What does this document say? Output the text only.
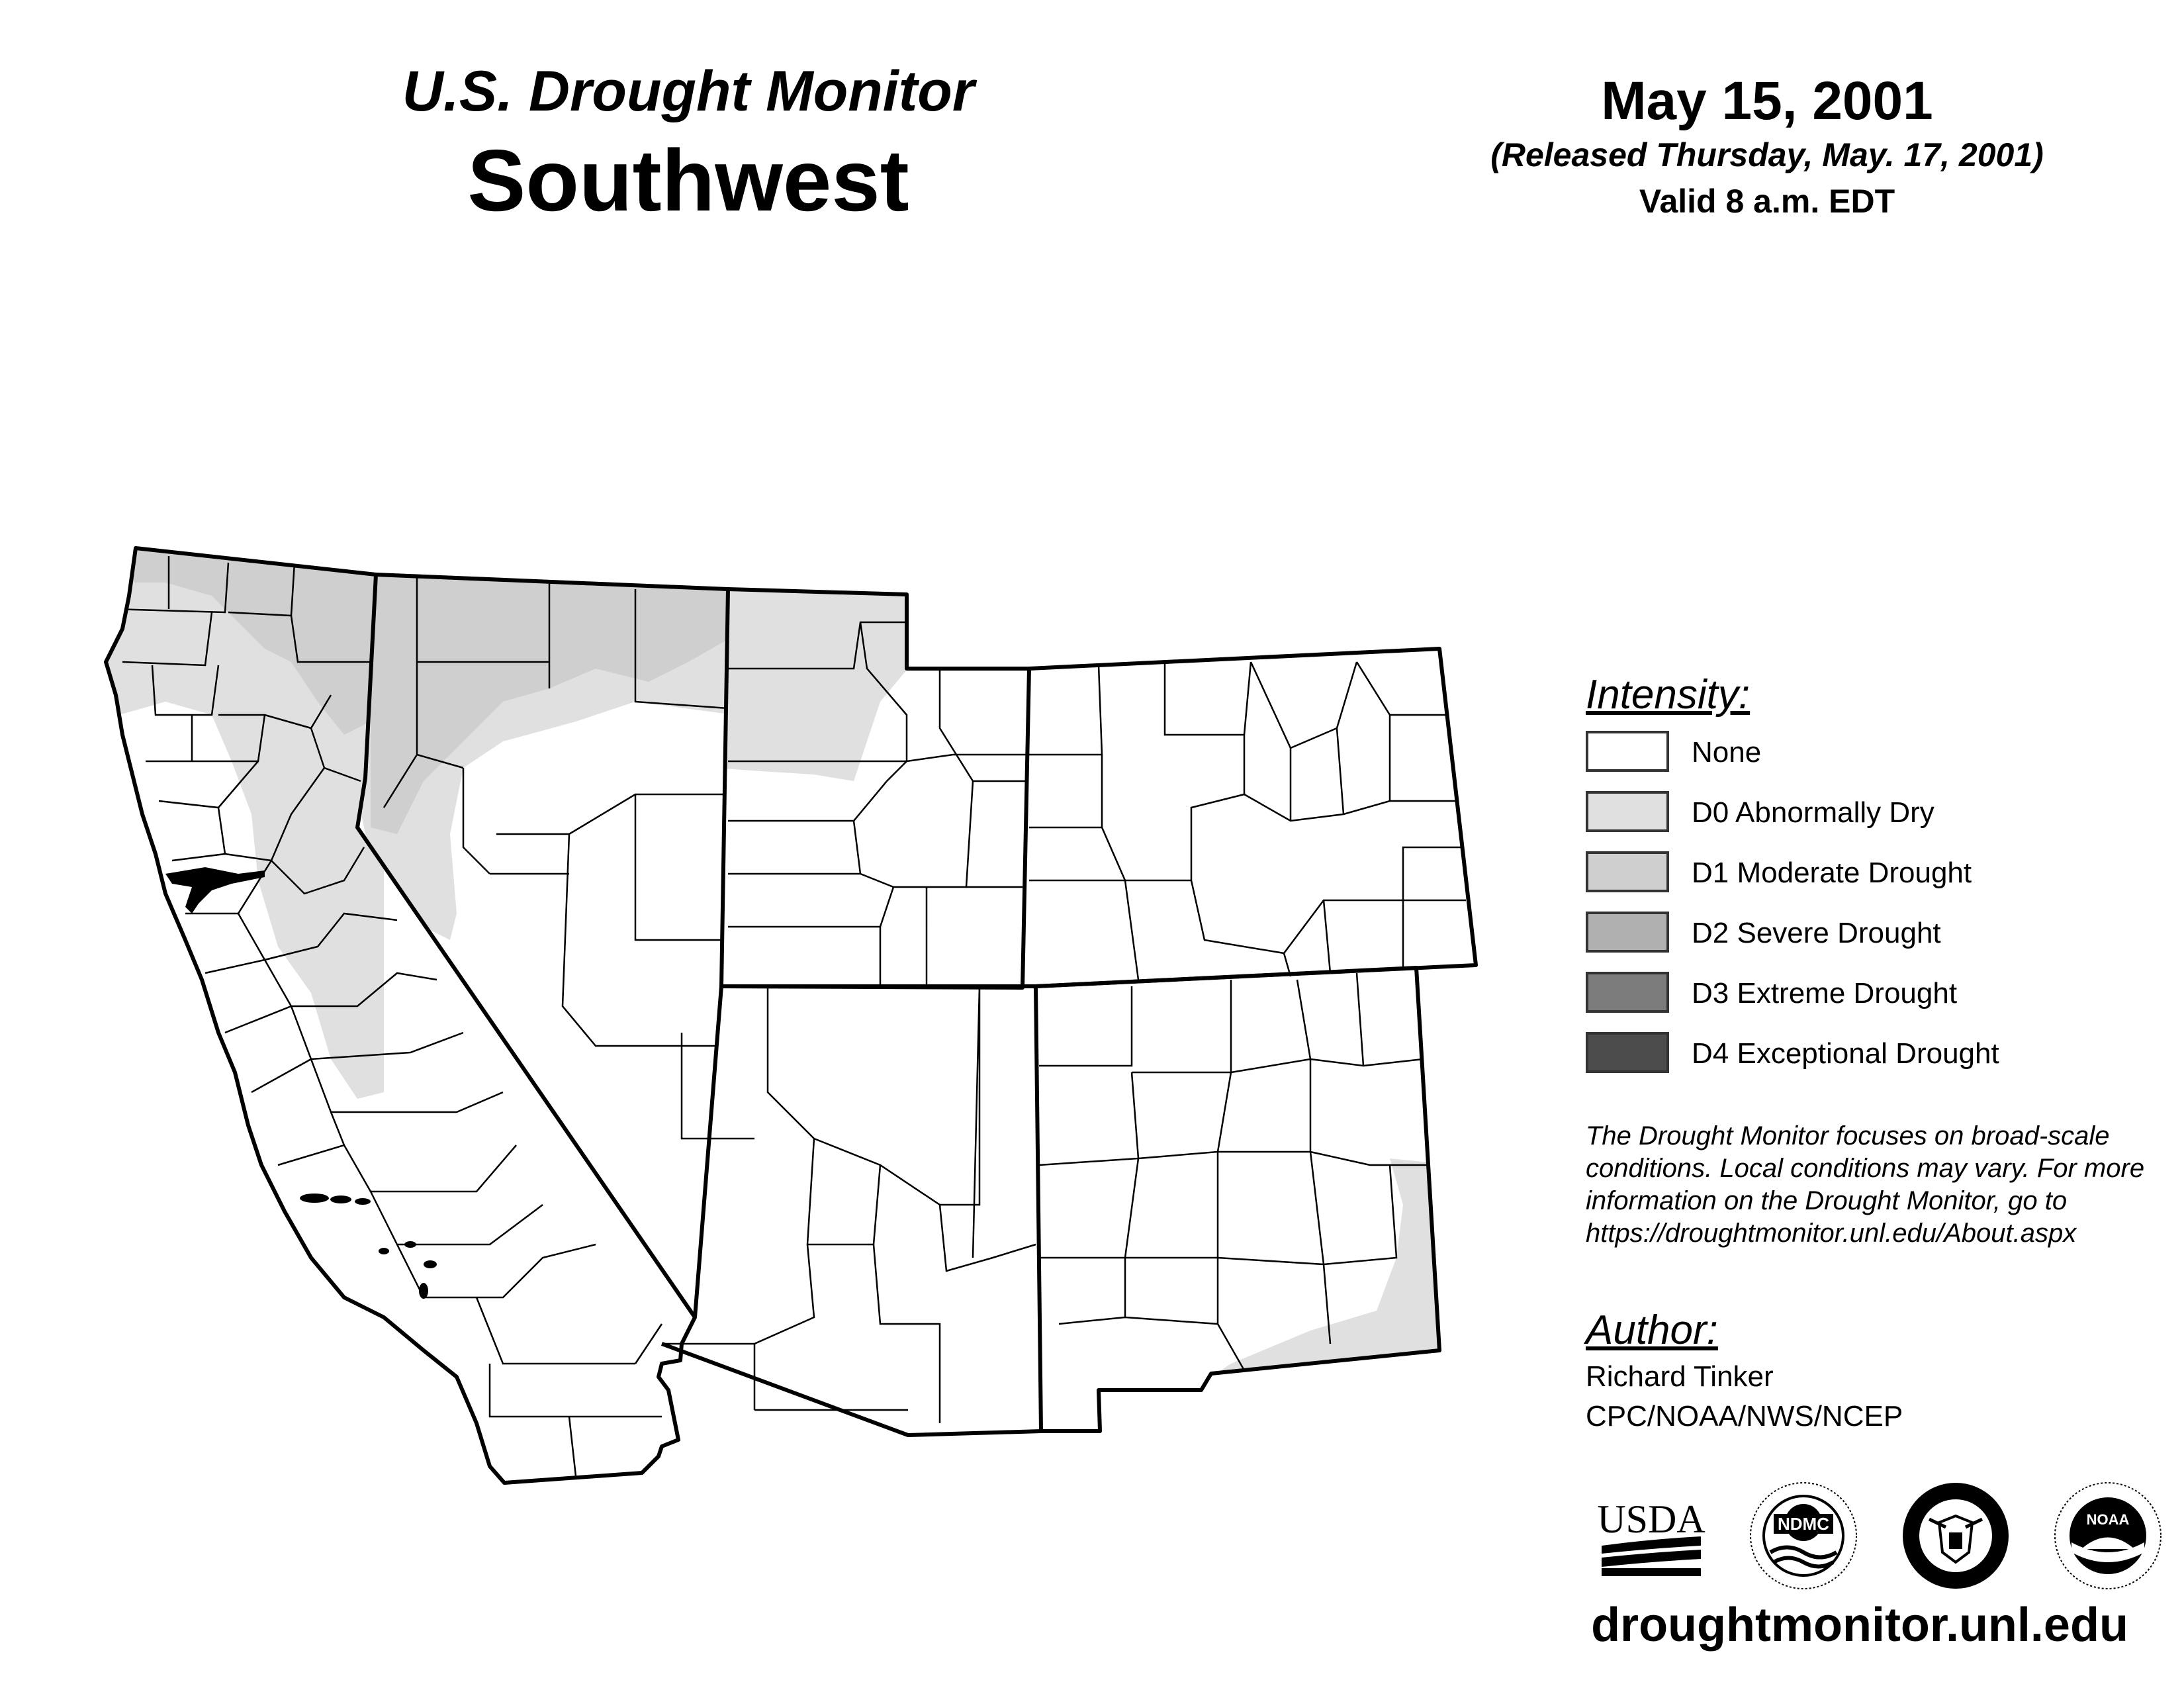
U.S. Drought Monitor
Southwest
May 15, 2001
(Released Thursday, May. 17, 2001)
Valid 8 a.m. EDT
Intensity:
None
D0 Abnormally Dry
D1 Moderate Drought
D2 Severe Drought
D3 Extreme Drought
D4 Exceptional Drought
The Drought Monitor focuses on broad-scale
conditions. Local conditions may vary. For more
information on the Drought Monitor, go to
https://droughtmonitor.unl.edu/About.aspx
Author:
Richard Tinker
CPC/NOAA/NWS/NCEP
USDA	NDMC	NOAA
droughtmonitor.unl.edu
